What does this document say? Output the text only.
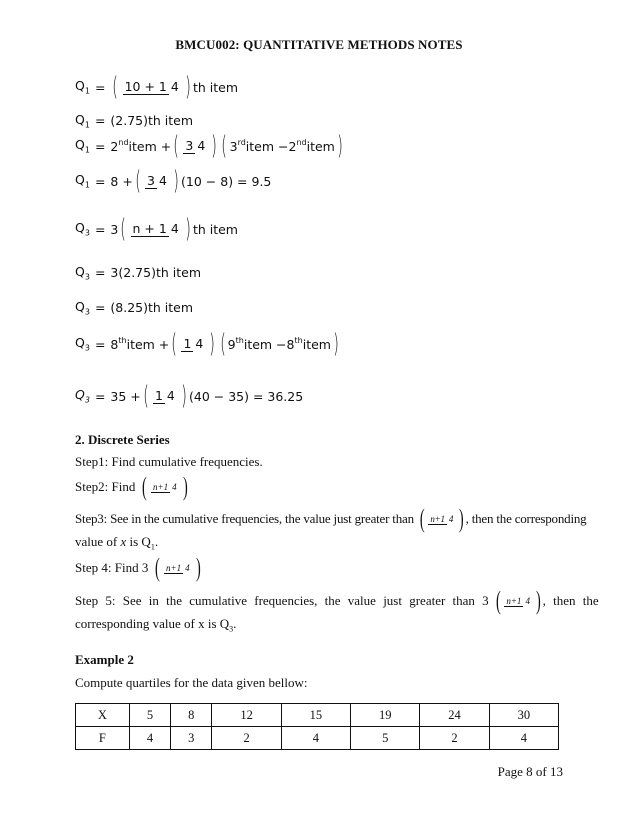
BMCU002: QUANTITATIVE METHODS NOTES
$Q_1$ = ( 10 + 1 4 ) th item
$Q_1 = (2.75)th$ item
$Q_1 = 2nd$ item + ( 3 4 ) ( 3rd item − 2nd item )
$Q_1 = 8$ + ( 3 4 ) (10 − 8) = 9.5
$Q_3 = 3$ ( n + 1 4 ) th item
$Q_3 = 3(2.75)th$ item
$Q_3 = (8.25)th$ item
$Q_3 = 8th$ item + ( 1 4 ) ( 9th item − 8th item )
$Q_3 = 35$ + ( 1 4 ) (40 − 35) = 36.25
2. Discrete Series
Step1: Find cumulative frequencies.
Step2: Find ( n+1 4 )
Step3: See in the cumulative frequencies, the value just greater than ( n+1 4 ) , then the corresponding
value of x is $Q_1$.
Step 4: Find 3 ( n+1 4 )
Step 5: See in the cumulative frequencies, the value just greater than 3 ( n+1 4 ) , then the
corresponding value of x is $Q_3$.
Example 2
Compute quartiles for the data given bellow:
X	5	8	12	15	19	24	30
F	4	3	2	4	5	2	4
Page 8 of 13
